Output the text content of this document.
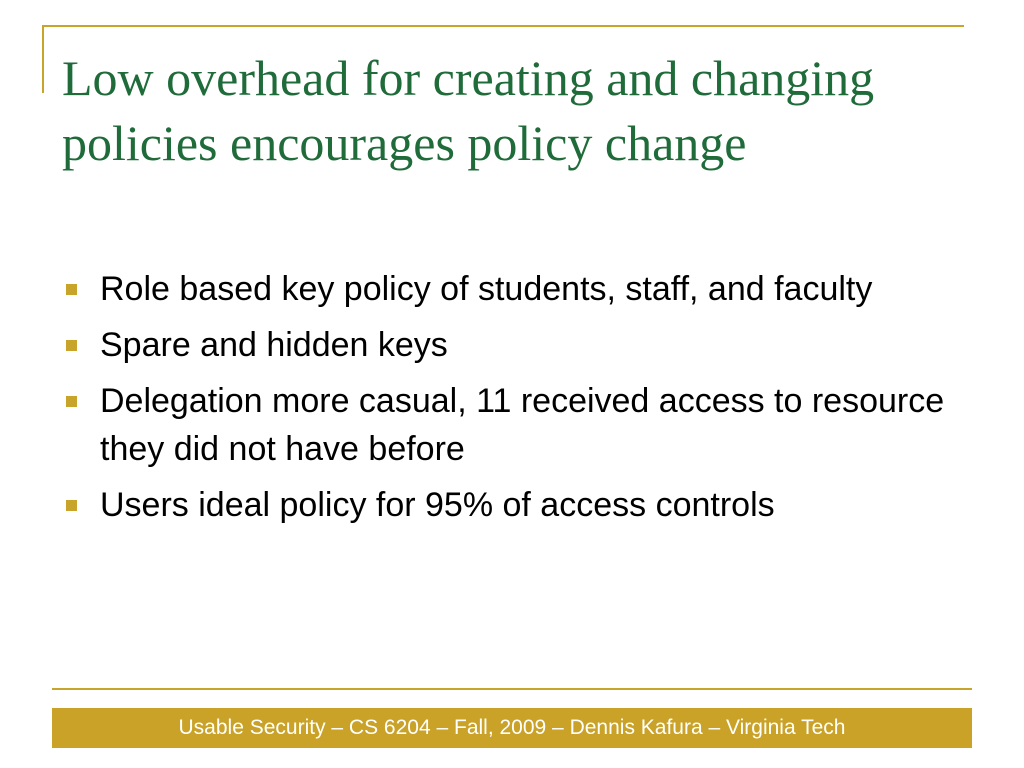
Low overhead for creating and changing policies encourages policy change
Role based key policy of students, staff, and faculty
Spare and hidden keys
Delegation more casual, 11 received access to resource they did not have before
Users ideal policy for 95% of access controls
Usable Security – CS 6204 – Fall, 2009 – Dennis Kafura – Virginia Tech
